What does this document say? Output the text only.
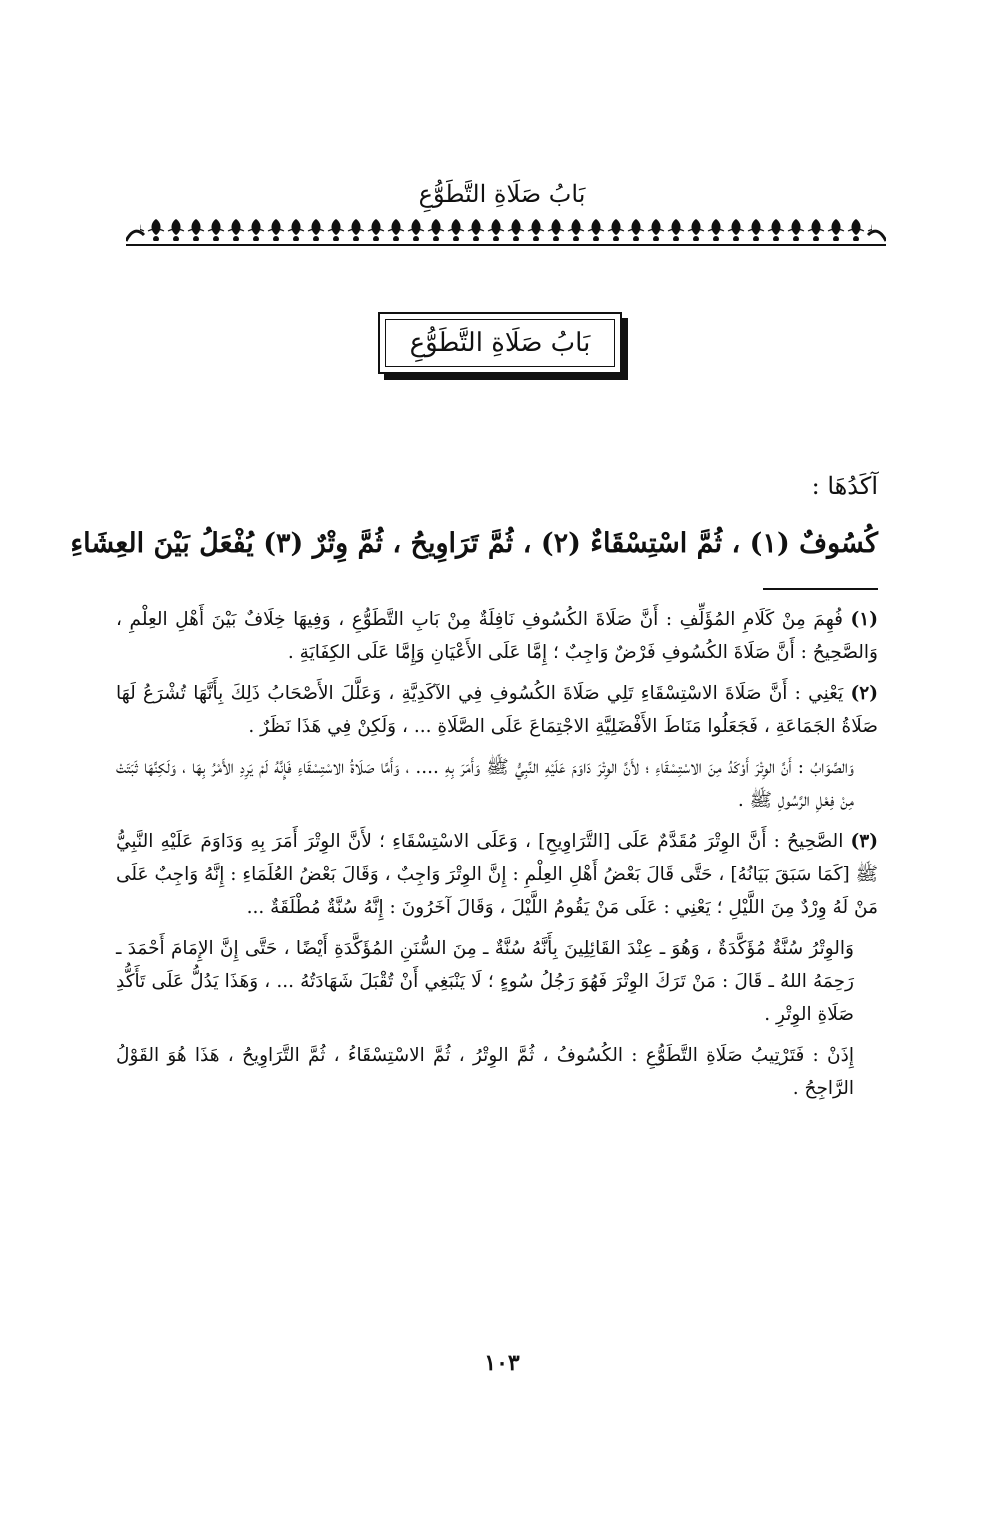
بَابُ صَلَاةِ التَّطَوُّعِ
بَابُ صَلَاةِ التَّطَوُّعِ
آكَدُهَا :
كُسُوفٌ (١) ، ثُمَّ اسْتِسْقَاءٌ (٢) ، ثُمَّ تَرَاوِيحُ ، ثُمَّ وِتْرٌ (٣) يُفْعَلُ بَيْنَ العِشَاءِ

(١) فُهِمَ مِنْ كَلَامِ المُؤَلِّفِ : أَنَّ صَلَاةَ الكُسُوفِ نَافِلَةٌ مِنْ بَابِ التَّطَوُّعِ ، وَفِيهَا خِلَافٌ بَيْنَ أَهْلِ العِلْمِ ، وَالصَّحِيحُ : أَنَّ صَلَاةَ الكُسُوفِ فَرْضٌ وَاجِبٌ ؛ إِمَّا عَلَى الأَعْيَانِ وَإِمَّا عَلَى الكِفَايَةِ .

(٢) يَعْنِي : أَنَّ صَلَاةَ الاسْتِسْقَاءِ تَلِي صَلَاةَ الكُسُوفِ فِي الآكَدِيَّةِ ، وَعَلَّلَ الأَصْحَابُ ذَلِكَ بِأَنَّهَا تُشْرَعُ لَهَا صَلَاةُ الجَمَاعَةِ ، فَجَعَلُوا مَنَاطَ الأَفْضَلِيَّةِ الاجْتِمَاعَ عَلَى الصَّلَاةِ ... ، وَلَكِنْ فِي هَذَا نَظَرٌ .

وَالصَّوَابُ : أَنَّ الوِتْرَ أَوْكَدُ مِنَ الاسْتِسْقَاءِ ؛ لأَنَّ الوِتْرَ دَاوَمَ عَلَيْهِ النَّبِيُّ ﷺ وَأَمَرَ بِهِ .... ، وَأَمَّا صَلَاةُ الاسْتِسْقَاءِ فَإِنَّهُ لَمْ يَرِدِ الأَمْرُ بِهَا ، وَلَكِنَّهَا ثَبَتَتْ مِنْ فِعْلِ الرَّسُولِ ﷺ .

(٣) الصَّحِيحُ : أَنَّ الوِتْرَ مُقَدَّمٌ عَلَى [التَّرَاوِيحِ] ، وَعَلَى الاسْتِسْقَاءِ ؛ لأَنَّ الوِتْرَ أَمَرَ بِهِ وَدَاوَمَ عَلَيْهِ النَّبِيُّ ﷺ [كَمَا سَبَقَ بَيَانُهُ] ، حَتَّى قَالَ بَعْضُ أَهْلِ العِلْمِ : إِنَّ الوِتْرَ وَاجِبٌ ، وَقَالَ بَعْضُ العُلَمَاءِ : إِنَّهُ وَاجِبٌ عَلَى مَنْ لَهُ وِرْدٌ مِنَ اللَّيْلِ ؛ يَعْنِي : عَلَى مَنْ يَقُومُ اللَّيْلَ ، وَقَالَ آخَرُونَ : إِنَّهُ سُنَّةٌ مُطْلَقَةٌ ...

وَالوِتْرُ سُنَّةٌ مُؤَكَّدَةٌ ، وَهُوَ ـ عِنْدَ القَائِلِينَ بِأَنَّهُ سُنَّةٌ ـ مِنَ السُّنَنِ المُؤَكَّدَةِ أَيْضًا ، حَتَّى إِنَّ الإِمَامَ أَحْمَدَ ـ رَحِمَهُ اللهُ ـ قَالَ : مَنْ تَرَكَ الوِتْرَ فَهُوَ رَجُلُ سُوءٍ ؛ لَا يَنْبَغِي أَنْ تُقْبَلَ شَهَادَتُهُ ... ، وَهَذَا يَدُلُّ عَلَى تَأَكُّدِ صَلَاةِ الوِتْرِ .

إِذَنْ : فَتَرْتِيبُ صَلَاةِ التَّطَوُّعِ : الكُسُوفُ ، ثُمَّ الوِتْرُ ، ثُمَّ الاسْتِسْقَاءُ ، ثُمَّ التَّرَاوِيحُ ، هَذَا هُوَ القَوْلُ الرَّاجِحُ .

١٠٣
